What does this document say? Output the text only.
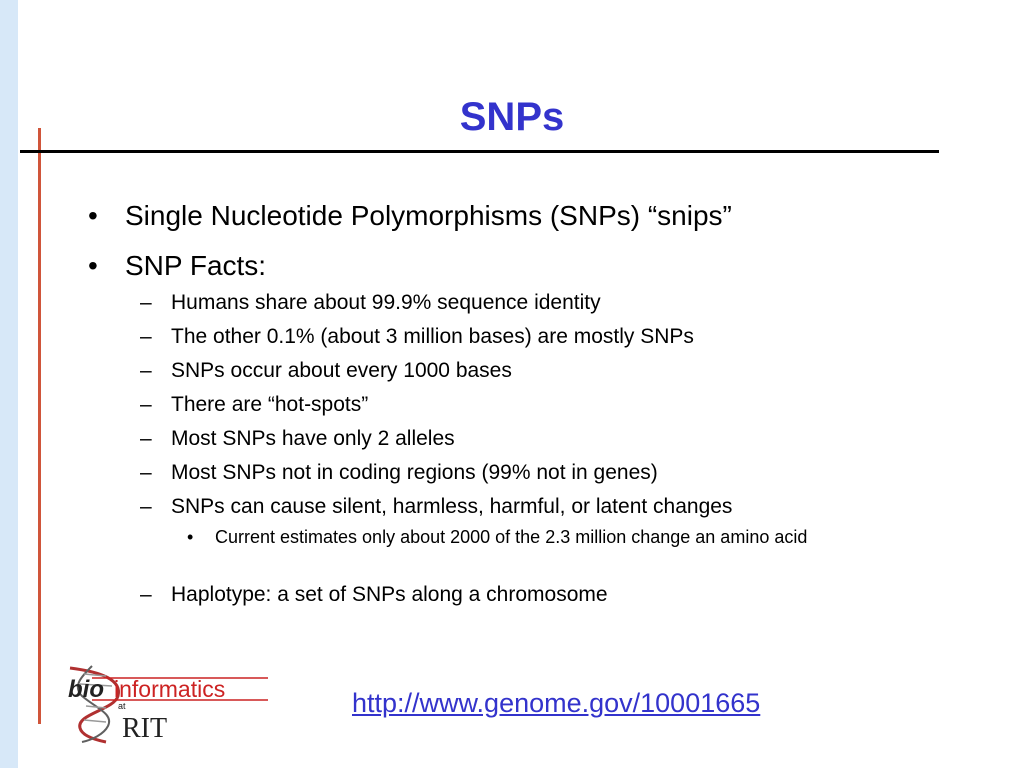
SNPs
• Single Nucleotide Polymorphisms (SNPs) “snips”
• SNP Facts:
– Humans share about 99.9% sequence identity
– The other 0.1% (about 3 million bases) are mostly SNPs
– SNPs occur about every 1000 bases
– There are “hot-spots”
– Most SNPs have only 2 alleles
– Most SNPs not in coding regions (99% not in genes)
– SNPs can cause silent, harmless, harmful, or latent changes
•	Current estimates only about 2000 of the 2.3 million change an amino acid
– Haplotype: a set of SNPs along a chromosome
http://www.genome.gov/10001665
bio informatics
at
RIT
